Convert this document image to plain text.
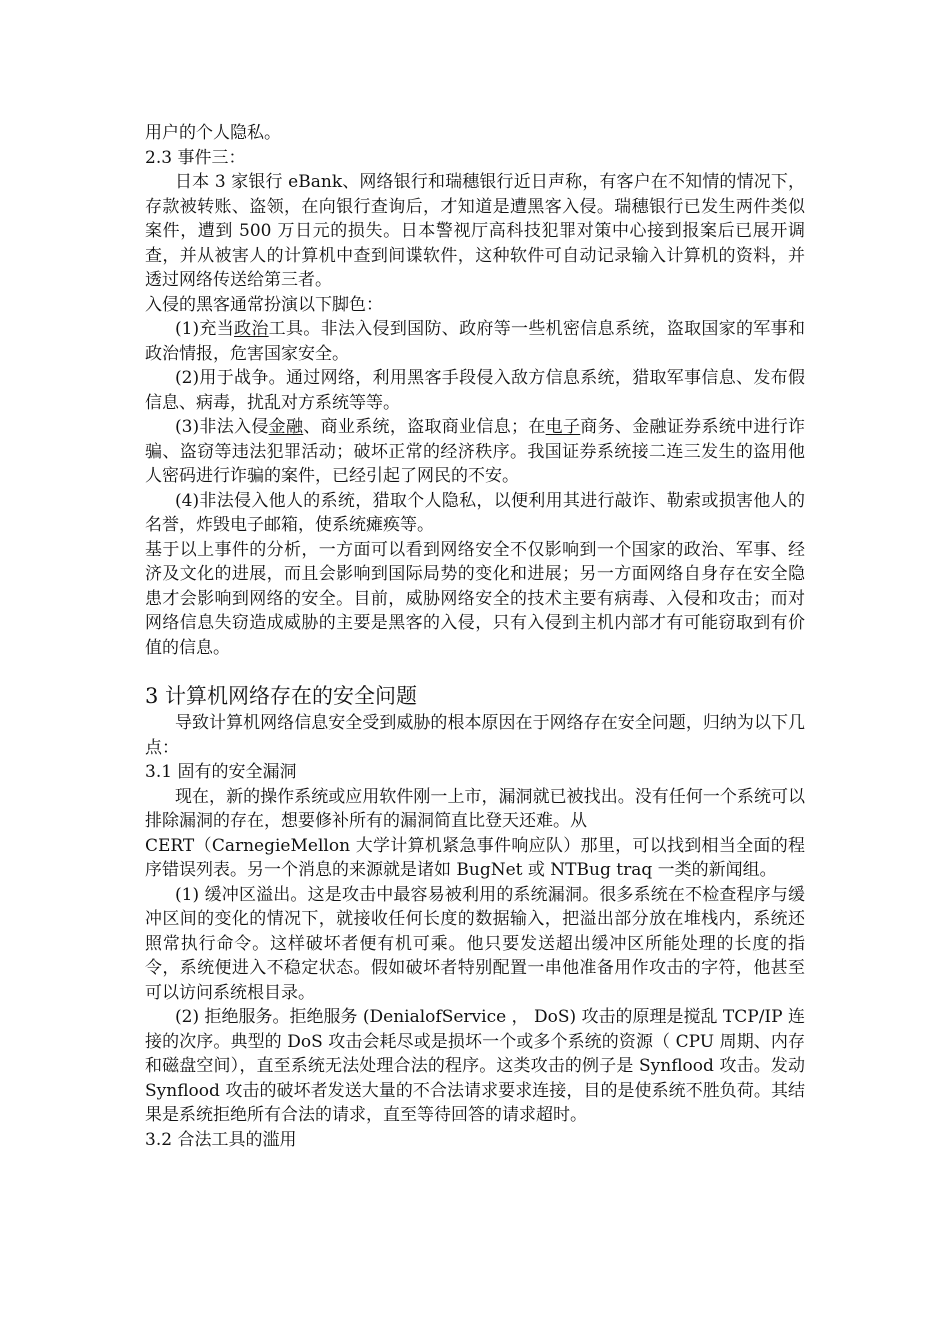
用户的个人隐私。

2.3 事件三：

日本 3 家银行 eBank、网络银行和瑞穗银行近日声称，有客户在不知情的情况下，存款被转账、盗领，在向银行查询后，才知道是遭黑客入侵。瑞穗银行已发生两件类似案件，遭到 500 万日元的损失。日本警视厅高科技犯罪对策中心接到报案后已展开调查，并从被害人的计算机中查到间谍软件，这种软件可自动记录输入计算机的资料，并透过网络传送给第三者。

入侵的黑客通常扮演以下脚色：

(1)充当政治工具。非法入侵到国防、政府等一些机密信息系统，盗取国家的军事和政治情报，危害国家安全。

(2)用于战争。通过网络，利用黑客手段侵入敌方信息系统，猎取军事信息、发布假信息、病毒，扰乱对方系统等等。

(3)非法入侵金融、商业系统，盗取商业信息；在电子商务、金融证券系统中进行诈骗、盗窃等违法犯罪活动；破坏正常的经济秩序。我国证券系统接二连三发生的盗用他人密码进行诈骗的案件，已经引起了网民的不安。

(4)非法侵入他人的系统，猎取个人隐私，以便利用其进行敲诈、勒索或损害他人的名誉，炸毁电子邮箱，使系统瘫痪等。

基于以上事件的分析，一方面可以看到网络安全不仅影响到一个国家的政治、军事、经济及文化的进展，而且会影响到国际局势的变化和进展；另一方面网络自身存在安全隐患才会影响到网络的安全。目前，威胁网络安全的技术主要有病毒、入侵和攻击；而对网络信息失窃造成威胁的主要是黑客的入侵，只有入侵到主机内部才有可能窃取到有价值的信息。

3 计算机网络存在的安全问题

导致计算机网络信息安全受到威胁的根本原因在于网络存在安全问题，归纳为以下几点：

3.1 固有的安全漏洞

现在，新的操作系统或应用软件刚一上市，漏洞就已被找出。没有任何一个系统可以排除漏洞的存在，想要修补所有的漏洞简直比登天还难。从

CERT（CarnegieMellon 大学计算机紧急事件响应队）那里，可以找到相当全面的程序错误列表。另一个消息的来源就是诸如 BugNet 或 NTBug traq 一类的新闻组。

(1) 缓冲区溢出。这是攻击中最容易被利用的系统漏洞。很多系统在不检查程序与缓冲区间的变化的情况下，就接收任何长度的数据输入，把溢出部分放在堆栈内，系统还照常执行命令。这样破坏者便有机可乘。他只要发送超出缓冲区所能处理的长度的指令，系统便进入不稳定状态。假如破坏者特别配置一串他准备用作攻击的字符，他甚至可以访问系统根目录。

(2) 拒绝服务。拒绝服务 (DenialofService ， DoS) 攻击的原理是搅乱 TCP/IP 连接的次序。典型的 DoS 攻击会耗尽或是损坏一个或多个系统的资源（ CPU 周期、内存和磁盘空间），直至系统无法处理合法的程序。这类攻击的例子是 Synflood 攻击。发动 Synflood 攻击的破坏者发送大量的不合法请求要求连接，目的是使系统不胜负荷。其结果是系统拒绝所有合法的请求，直至等待回答的请求超时。

3.2 合法工具的滥用
